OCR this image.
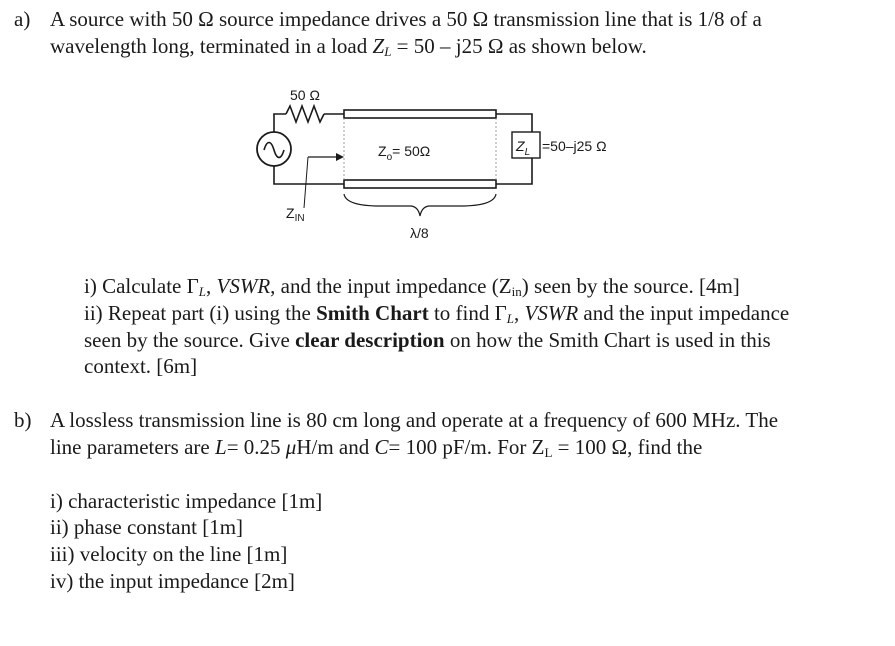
a) A source with 50 Ω source impedance drives a 50 Ω transmission line that is 1/8 of a
wavelength long, terminated in a load $Z_L = 50 - j25$ Ω as shown below.
50 Ω
$Z_o= 50\Omega$	$Z_L =50-j25$ Ω
$Z_{IN}$
λ/8
i) Calculate $\Gamma_L$, VSWR, and the input impedance $(Z_{in})$ seen by the source. [4m]
ii) Repeat part (i) using the Smith Chart to find $\Gamma_L$, VSWR and the input impedance
seen by the source. Give clear description on how the Smith Chart is used in this
context. [6m]
b) A lossless transmission line is 80 cm long and operate at a frequency of 600 MHz. The
line parameters are L= 0.25 μH/m and C= 100 pF/m. For $Z_L = 100$ Ω, find the
i) characteristic impedance [1m]
ii) phase constant [1m]
iii) velocity on the line [1m]
iv) the input impedance [2m]
